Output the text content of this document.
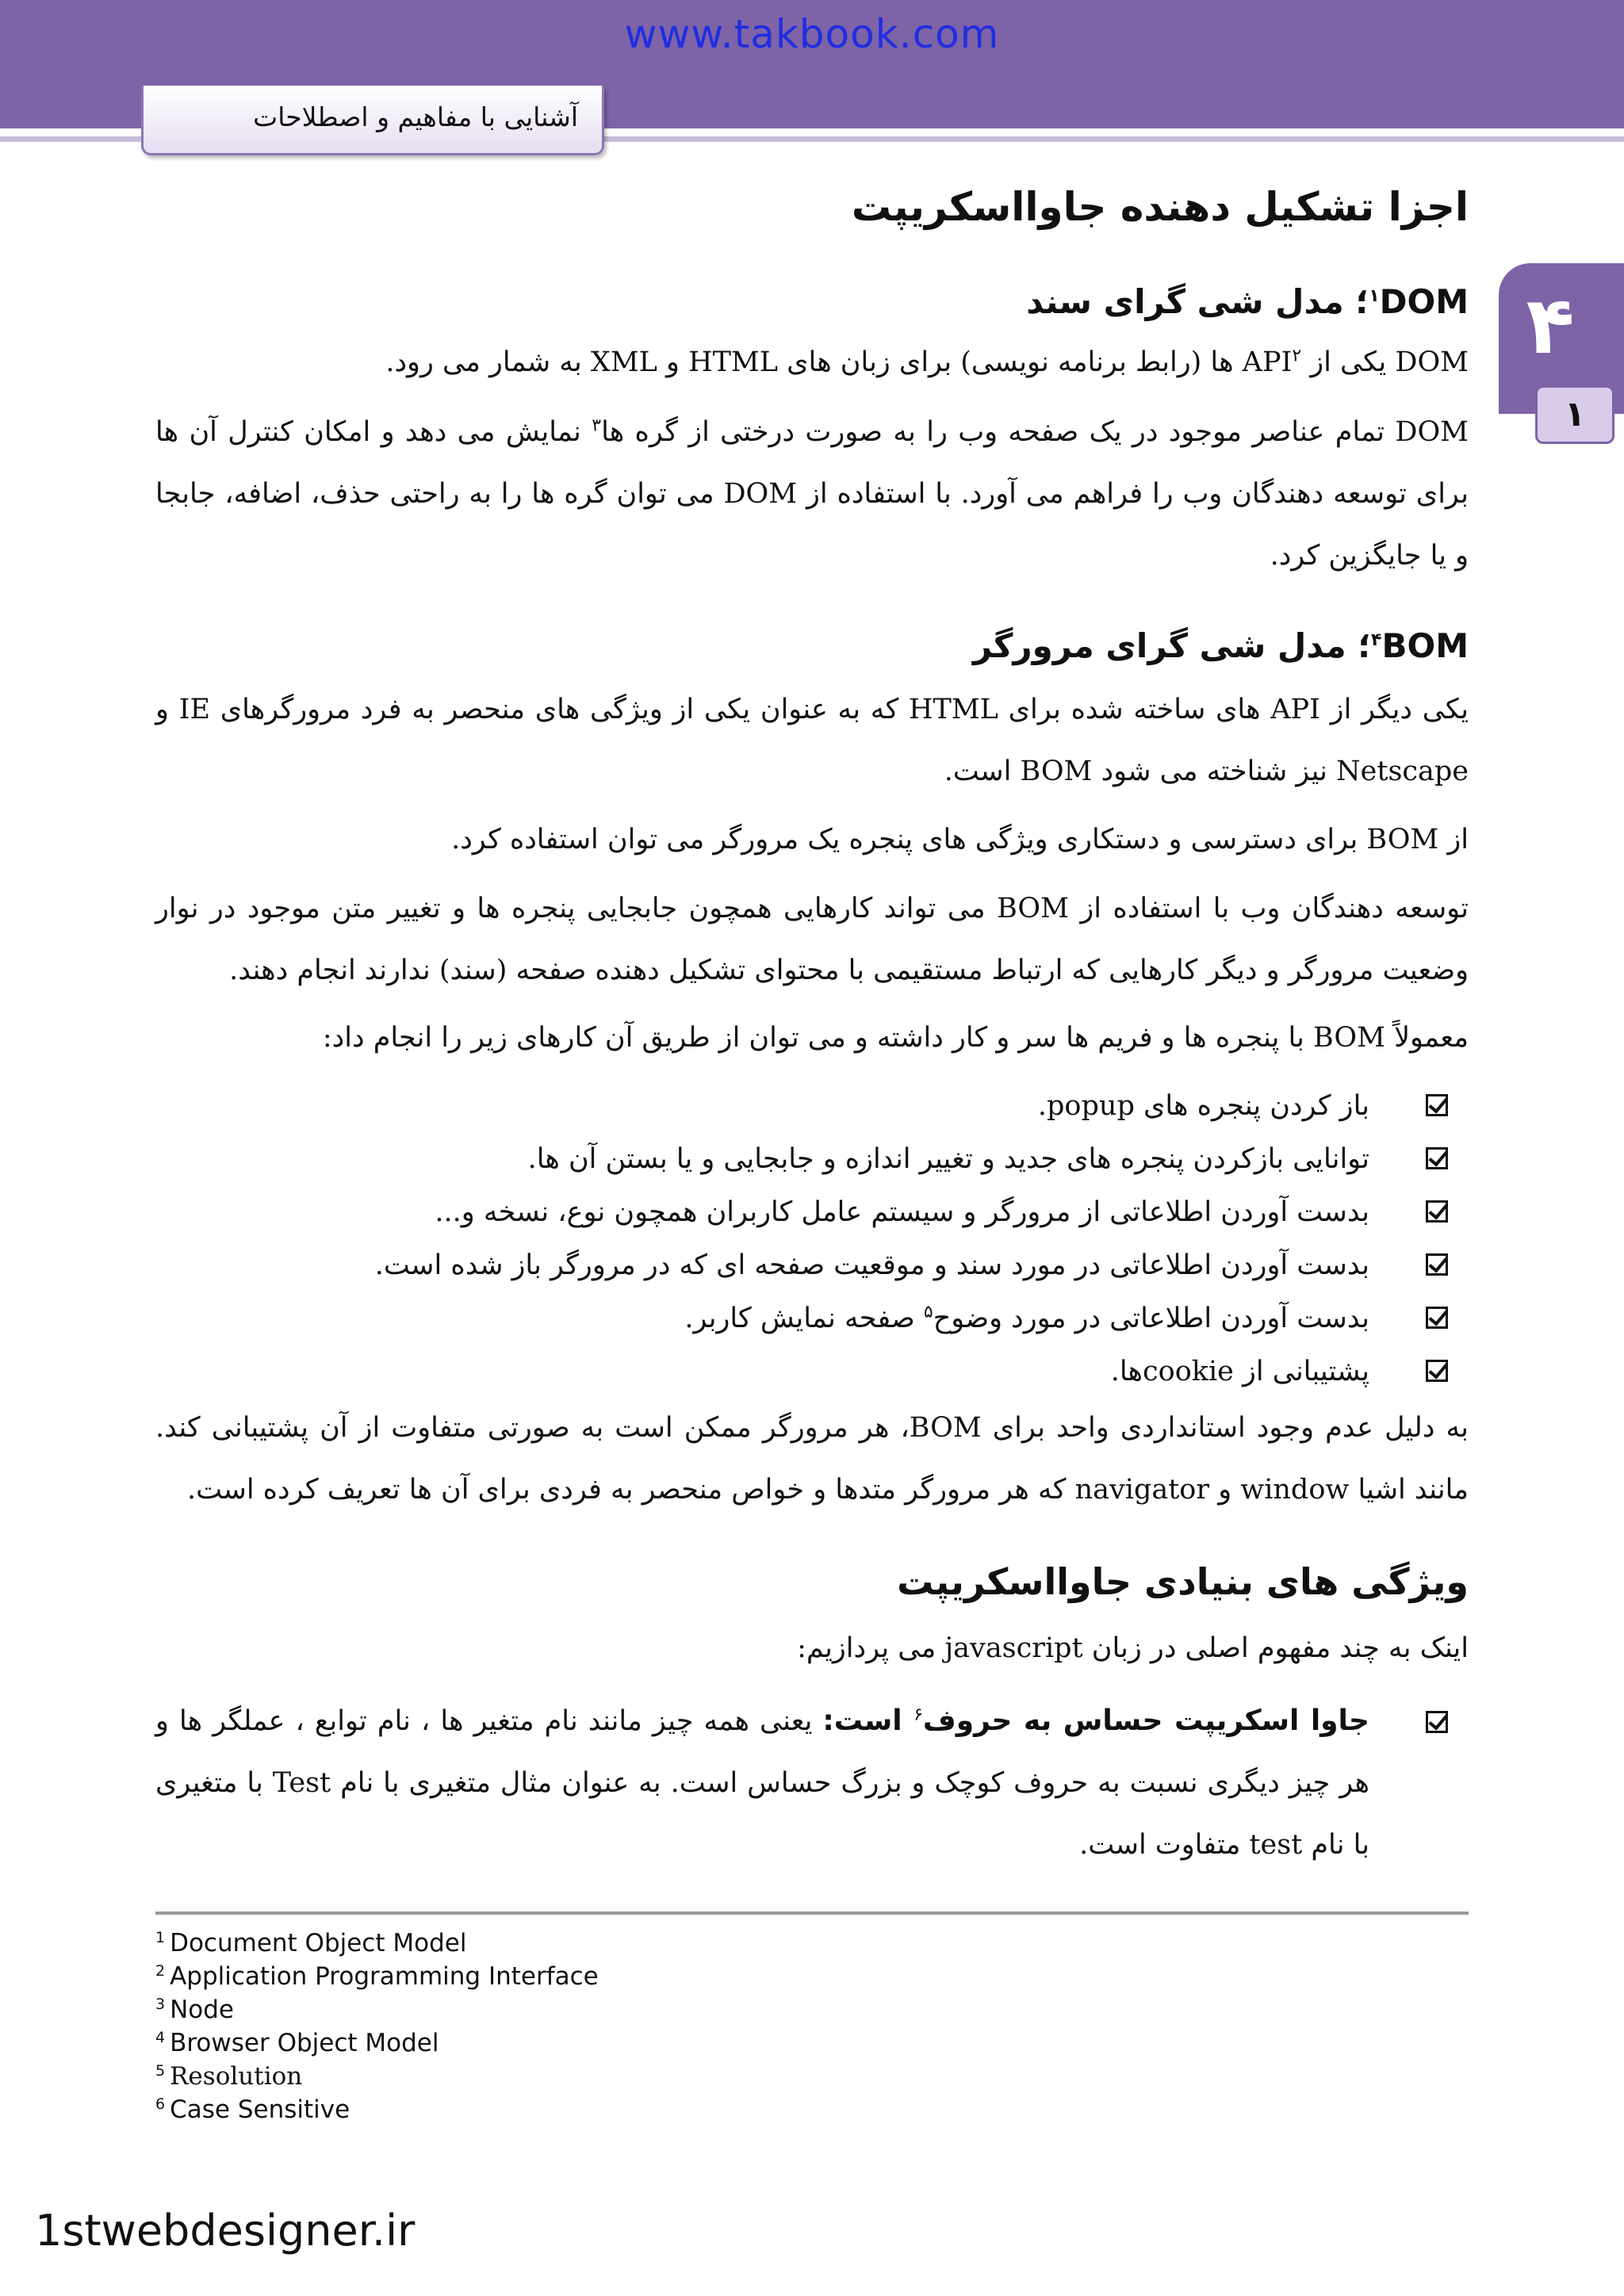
www.takbook.com
آشنایی با مفاهیم و اصطلاحات
۴
۱
اجزا تشکیل دهنده جاوااسکریپت
$^۱$DOM؛ مدل شی گرای سند
DOM یکی از API$^۲$ ها (رابط برنامه نویسی) برای زبان های HTML و XML به شمار می رود.
DOM تمام عناصر موجود در یک صفحه وب را به صورت درختی از گره ها$^۳$ نمایش می دهد و امکان کنترل آن ها برای توسعه دهندگان وب را فراهم می آورد. با استفاده از DOM می توان گره ها را به راحتی حذف، اضافه، جابجا و یا جایگزین کرد.
$^۴$BOM؛ مدل شی گرای مرورگر
یکی دیگر از API های ساخته شده برای HTML که به عنوان یکی از ویژگی های منحصر به فرد مرورگرهای IE و Netscape نیز شناخته می شود BOM است.
از BOM برای دسترسی و دستکاری ویژگی های پنجره یک مرورگر می توان استفاده کرد.
توسعه دهندگان وب با استفاده از BOM می تواند کارهایی همچون جابجایی پنجره ها و تغییر متن موجود در نوار وضعیت مرورگر و دیگر کارهایی که ارتباط مستقیمی با محتوای تشکیل دهنده صفحه (سند) ندارند انجام دهند.
معمولاً BOM با پنجره ها و فریم ها سر و کار داشته و می توان از طریق آن کارهای زیر را انجام داد:
باز کردن پنجره های popup.
توانایی بازکردن پنجره های جدید و تغییر اندازه و جابجایی و یا بستن آن ها.
بدست آوردن اطلاعاتی از مرورگر و سیستم عامل کاربران همچون نوع، نسخه و...
بدست آوردن اطلاعاتی در مورد سند و موقعیت صفحه ای که در مرورگر باز شده است.
بدست آوردن اطلاعاتی در مورد وضوح$^۵$ صفحه نمایش کاربر.
پشتیبانی از cookieها.
به دلیل عدم وجود استانداردی واحد برای BOM، هر مرورگر ممکن است به صورتی متفاوت از آن پشتیبانی کند. مانند اشیا window و navigator که هر مرورگر متدها و خواص منحصر به فردی برای آن ها تعریف کرده است.
ویژگی های بنیادی جاوااسکریپت
اینک به چند مفهوم اصلی در زبان javascript می پردازیم:
جاوا اسکریپت حساس به حروف$^۶$ است: یعنی همه چیز مانند نام متغیر ها ، نام توابع ، عملگر ها و هر چیز دیگری نسبت به حروف کوچک و بزرگ حساس است. به عنوان مثال متغیری با نام Test با متغیری با نام test متفاوت است.
$^1$ Document Object Model
$^2$ Application Programming Interface
$^3$ Node
$^4$ Browser Object Model
$^5$ Resolution
$^6$ Case Sensitive
1stwebdesigner.ir
